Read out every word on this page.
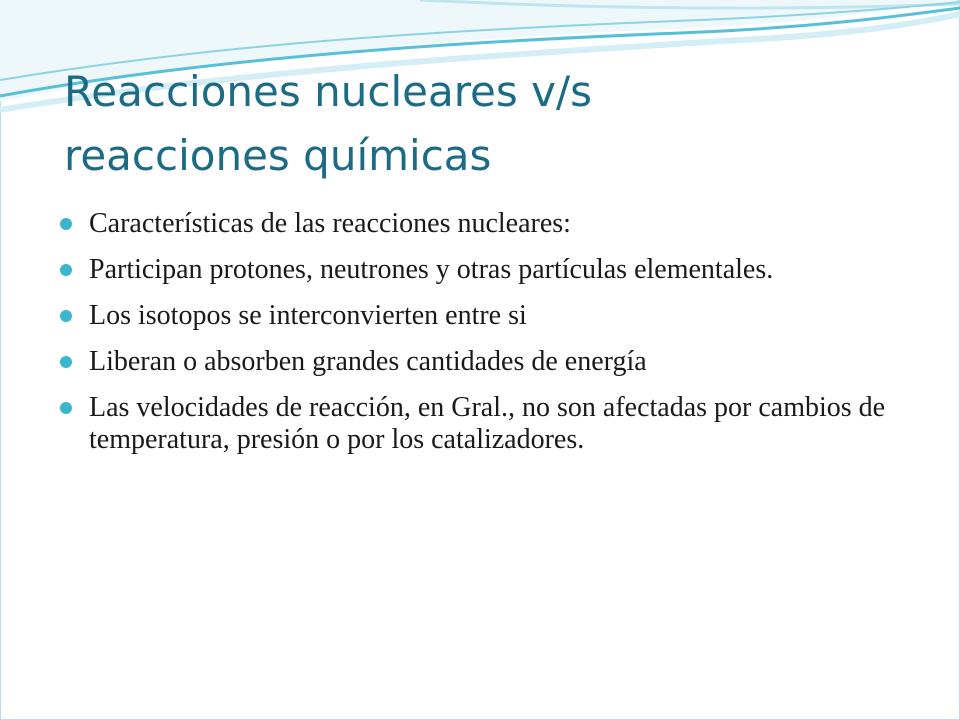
Reacciones nucleares v/s
reacciones químicas
Características de las reacciones nucleares:
Participan protones, neutrones y otras partículas elementales.
Los isotopos se interconvierten entre si
Liberan o absorben grandes cantidades de energía
Las velocidades de reacción, en Gral., no son afectadas por cambios de temperatura, presión o por los catalizadores.
